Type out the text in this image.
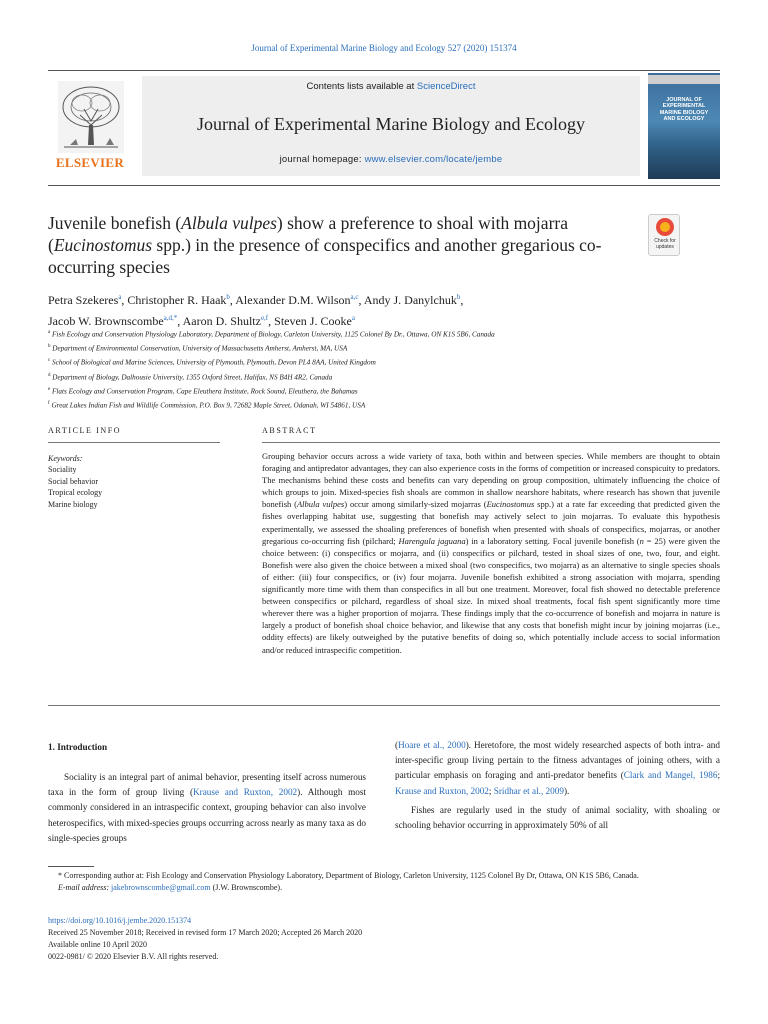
Journal of Experimental Marine Biology and Ecology 527 (2020) 151374
ELSEVIER
Contents lists available at ScienceDirect
Journal of Experimental Marine Biology and Ecology
journal homepage: www.elsevier.com/locate/jembe
JOURNAL OF EXPERIMENTAL MARINE BIOLOGY AND ECOLOGY
Juvenile bonefish (Albula vulpes) show a preference to shoal with mojarra (Eucinostomus spp.) in the presence of conspecifics and another gregarious co-occurring species
Check for
updates
Petra Szekeres$^a$, Christopher R. Haak$^b$, Alexander D.M. Wilson$^{a,c}$, Andy J. Danylchuk$^b$,
Jacob W. Brownscombe$^{a,d,*}$, Aaron D. Shultz$^{e,f}$, Steven J. Cooke$^a$
$^a$ Fish Ecology and Conservation Physiology Laboratory, Department of Biology, Carleton University, 1125 Colonel By Dr., Ottawa, ON K1S 5B6, Canada
$^b$ Department of Environmental Conservation, University of Massachusetts Amherst, Amherst, MA, USA
$^c$ School of Biological and Marine Sciences, University of Plymouth, Plymouth, Devon PL4 8AA, United Kingdom
$^d$ Department of Biology, Dalhousie University, 1355 Oxford Street, Halifax, NS B4H 4R2, Canada
$^e$ Flats Ecology and Conservation Program, Cape Eleuthera Institute, Rock Sound, Eleuthera, the Bahamas
$^f$ Great Lakes Indian Fish and Wildlife Commission, P.O. Box 9, 72682 Maple Street, Odanah, WI 54861, USA
ARTICLE INFO	ABSTRACT
Keywords:
Sociality
Social behavior
Tropical ecology
Marine biology
Grouping behavior occurs across a wide variety of taxa, both within and between species. While members are thought to obtain foraging and antipredator advantages, they can also experience costs in the forms of competition or increased conspicuity to predators. The mechanisms behind these costs and benefits can vary depending on group composition, ultimately influencing the choice of which groups to join. Mixed-species fish shoals are common in shallow nearshore habitats, where research has shown that juvenile bonefish (Albula vulpes) occur among similarly-sized mojarras (Eucinostomus spp.) at a rate far exceeding that predicted given the fishes overlapping habitat use, suggesting that bonefish may actively select to join mojarras. To evaluate this hypothesis experimentally, we assessed the shoaling preferences of bonefish when presented with shoals of conspecifics, mojarras, or another gregarious co-occurring fish (pilchard; Harengula jaguana) in a laboratory setting. Focal juvenile bonefish (n = 25) were given the choice between: (i) conspecifics or mojarra, and (ii) conspecifics or pilchard, tested in shoal sizes of one, two, four, and eight. Bonefish were also given the choice between a mixed shoal (two conspecifics, two mojarra) as an alternative to single species shoals of either: (iii) four conspecifics, or (iv) four mojarra. Juvenile bonefish exhibited a strong association with mojarra, spending significantly more time with them than conspecifics in all but one treatment. Moreover, focal fish showed no detectable preference between conspecifics or pilchard, regardless of shoal size. In mixed shoal treatments, focal fish spent significantly more time wherever there was a higher proportion of mojarra. These findings imply that the co-occurrence of bonefish and mojarra in nature is largely a product of bonefish shoal choice behavior, and likewise that any costs that bonefish might incur by joining mojarras (i.e., oddity effects) are likely outweighed by the putative benefits of doing so, which potentially include access to social information and/or reduced intraspecific competition.
1. Introduction

Sociality is an integral part of animal behavior, presenting itself across numerous taxa in the form of group living (Krause and Ruxton, 2002). Although most commonly considered in an intraspecific context, grouping behavior can also involve heterospecifics, with mixed-species groups occurring across nearly as many taxa as do single-species groups

(Hoare et al., 2000). Heretofore, the most widely researched aspects of both intra- and inter-specific group living pertain to the fitness advantages of joining others, with a particular emphasis on foraging and anti-predator benefits (Clark and Mangel, 1986; Krause and Ruxton, 2002; Sridhar et al., 2009).

Fishes are regularly used in the study of animal sociality, with shoaling or schooling behavior occurring in approximately 50% of all

* Corresponding author at: Fish Ecology and Conservation Physiology Laboratory, Department of Biology, Carleton University, 1125 Colonel By Dr, Ottawa, ON K1S 5B6, Canada.
E-mail address: jakebrownscombe@gmail.com (J.W. Brownscombe).
https://doi.org/10.1016/j.jembe.2020.151374
Received 25 November 2018; Received in revised form 17 March 2020; Accepted 26 March 2020
Available online 10 April 2020
0022-0981/ © 2020 Elsevier B.V. All rights reserved.
